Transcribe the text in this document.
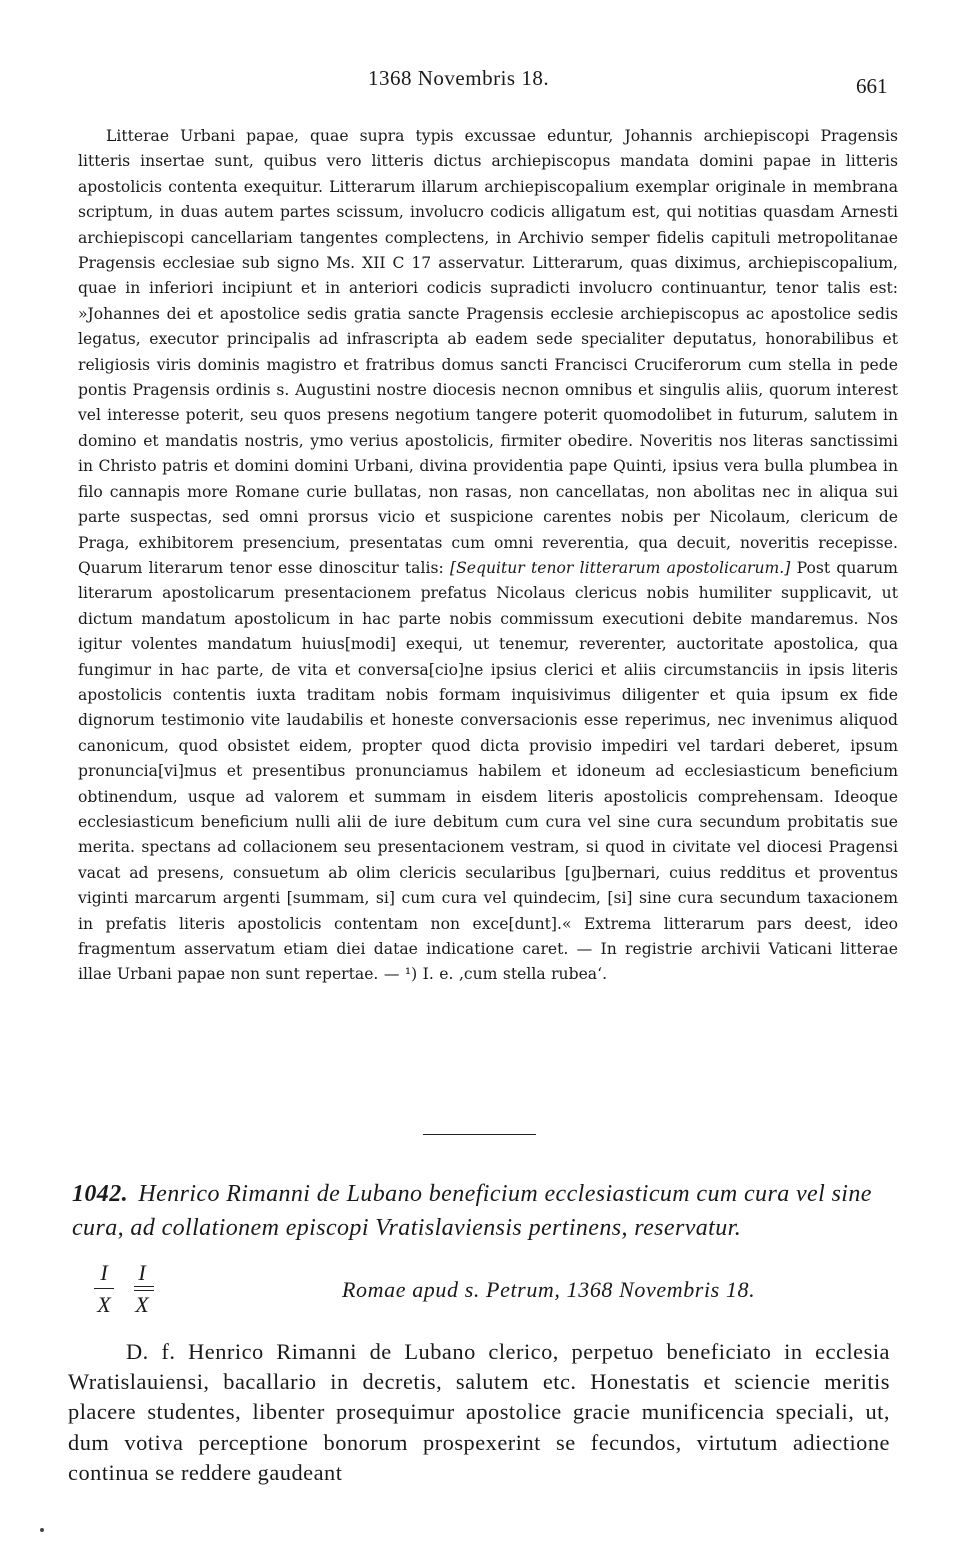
1368 Novembris 18.	661

Litterae Urbani papae, quae supra typis excussae eduntur, Johannis archiepiscopi Pragensis litteris insertae sunt, quibus vero litteris dictus archiepiscopus mandata domini papae in litteris apostolicis contenta exequitur. Litterarum illarum archiepiscopalium exemplar originale in membrana scriptum, in duas autem partes scissum, involucro codicis alligatum est, qui notitias quasdam Arnesti archiepiscopi cancellariam tangentes complectens, in Archivio semper fidelis capituli metropolitanae Pragensis ecclesiae sub signo Ms. XII C 17 asservatur. Litterarum, quas diximus, archiepiscopalium, quae in inferiori incipiunt et in anteriori codicis supradicti involucro continuantur, tenor talis est: »Johannes dei et apostolice sedis gratia sancte Pragensis ecclesie archiepiscopus ac apostolice sedis legatus, executor principalis ad infrascripta ab eadem sede specialiter deputatus, honorabilibus et religiosis viris dominis magistro et fratribus domus sancti Francisci Cruciferorum cum stella in pede pontis Pragensis ordinis s. Augustini nostre diocesis necnon omnibus et singulis aliis, quorum interest vel interesse poterit, seu quos presens negotium tangere poterit quomodolibet in futurum, salutem in domino et mandatis nostris, ymo verius apostolicis, firmiter obedire. Noveritis nos literas sanctissimi in Christo patris et domini domini Urbani, divina providentia pape Quinti, ipsius vera bulla plumbea in filo cannapis more Romane curie bullatas, non rasas, non cancellatas, non abolitas nec in aliqua sui parte suspectas, sed omni prorsus vicio et suspicione carentes nobis per Nicolaum, clericum de Praga, exhibitorem presencium, presentatas cum omni reverentia, qua decuit, noveritis recepisse. Quarum literarum tenor esse dinoscitur talis: [Sequitur tenor litterarum apostolicarum.] Post quarum literarum apostolicarum presentacionem prefatus Nicolaus clericus nobis humiliter supplicavit, ut dictum mandatum apostolicum in hac parte nobis commissum executioni debite mandaremus. Nos igitur volentes mandatum huius[modi] exequi, ut tenemur, reverenter, auctoritate apostolica, qua fungimur in hac parte, de vita et conversa[cio]ne ipsius clerici et aliis circumstanciis in ipsis literis apostolicis contentis iuxta traditam nobis formam inquisivimus diligenter et quia ipsum ex fide dignorum testimonio vite laudabilis et honeste conversacionis esse reperimus, nec invenimus aliquod canonicum, quod obsistet eidem, propter quod dicta provisio impediri vel tardari deberet, ipsum pronuncia[vi]mus et presentibus pronunciamus habilem et idoneum ad ecclesiasticum beneficium obtinendum, usque ad valorem et summam in eisdem literis apostolicis comprehensam. Ideoque ecclesiasticum beneficium nulli alii de iure debitum cum cura vel sine cura secundum probitatis sue merita. spectans ad collacionem seu presentacionem vestram, si quod in civitate vel diocesi Pragensi vacat ad presens, consuetum ab olim clericis secularibus [gu]bernari, cuius redditus et proventus viginti marcarum argenti [summam, si] cum cura vel quindecim, [si] sine cura secundum taxacionem in prefatis literis apostolicis contentam non exce[dunt].« Extrema litterarum pars deest, ideo fragmentum asservatum etiam diei datae indicatione caret. — In registrie archivii Vaticani litterae illae Urbani papae non sunt repertae. — ¹) I. e. ‚cum stella rubea‘.

1042. Henrico Rimanni de Lubano beneficium ecclesiasticum cum cura vel sine cura, ad collationem episcopi Vratislaviensis pertinens, reservatur.

I	I
X X
Romae apud s. Petrum, 1368 Novembris 18.

D. f. Henrico Rimanni de Lubano clerico, perpetuo beneficiato in ecclesia Wratislauiensi, bacallario in decretis, salutem etc. Honestatis et sciencie meritis placere studentes, libenter prosequimur apostolice gracie munificencia speciali, ut, dum votiva perceptione bonorum prospexerint se fecundos, virtutum adiectione continua se reddere gaudeant
